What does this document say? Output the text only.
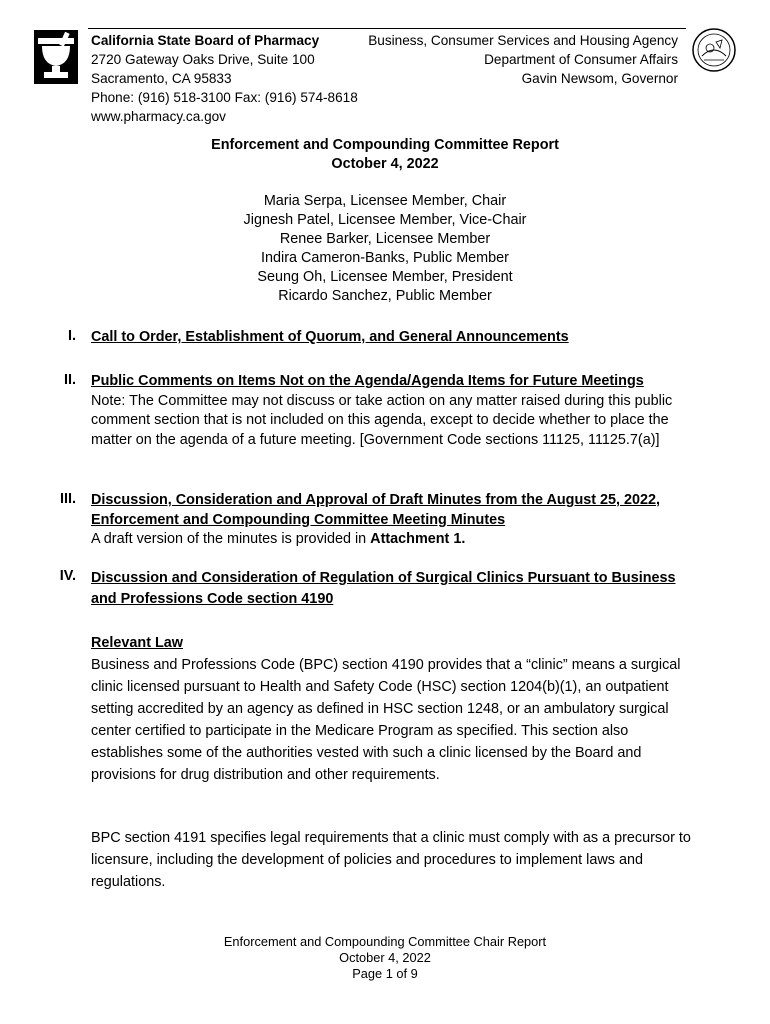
California State Board of Pharmacy
2720 Gateway Oaks Drive, Suite 100
Sacramento, CA 95833
Phone: (916) 518-3100 Fax: (916) 574-8618
www.pharmacy.ca.gov
Business, Consumer Services and Housing Agency
Department of Consumer Affairs
Gavin Newsom, Governor
Enforcement and Compounding Committee Report
October 4, 2022
Maria Serpa, Licensee Member, Chair
Jignesh Patel, Licensee Member, Vice-Chair
Renee Barker, Licensee Member
Indira Cameron-Banks, Public Member
Seung Oh, Licensee Member, President
Ricardo Sanchez, Public Member
I. Call to Order, Establishment of Quorum, and General Announcements
II. Public Comments on Items Not on the Agenda/Agenda Items for Future Meetings
Note: The Committee may not discuss or take action on any matter raised during this public comment section that is not included on this agenda, except to decide whether to place the matter on the agenda of a future meeting. [Government Code sections 11125, 11125.7(a)]
III. Discussion, Consideration and Approval of Draft Minutes from the August 25, 2022,
Enforcement and Compounding Committee Meeting Minutes
A draft version of the minutes is provided in Attachment 1.
IV. Discussion and Consideration of Regulation of Surgical Clinics Pursuant to Business
and Professions Code section 4190
Relevant Law
Business and Professions Code (BPC) section 4190 provides that a “clinic” means a surgical clinic licensed pursuant to Health and Safety Code (HSC) section 1204(b)(1), an outpatient setting accredited by an agency as defined in HSC section 1248, or an ambulatory surgical center certified to participate in the Medicare Program as specified. This section also establishes some of the authorities vested with such a clinic licensed by the Board and provisions for drug distribution and other requirements.
BPC section 4191 specifies legal requirements that a clinic must comply with as a precursor to licensure, including the development of policies and procedures to implement laws and regulations.
Enforcement and Compounding Committee Chair Report
October 4, 2022
Page 1 of 9
